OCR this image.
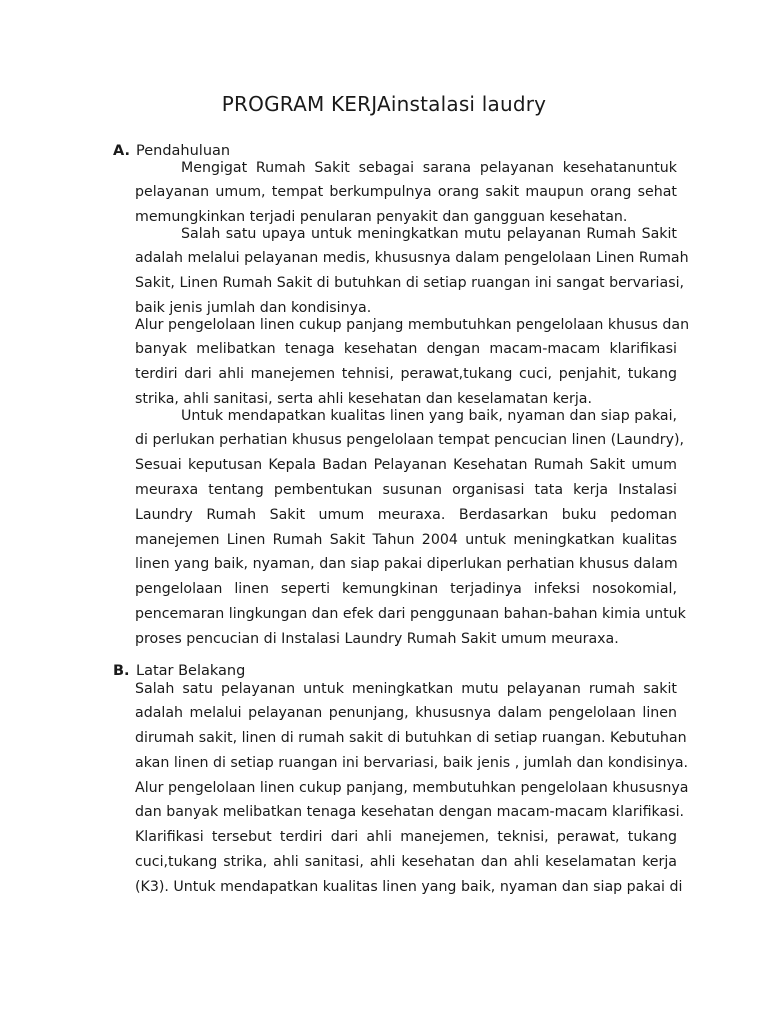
PROGRAM KERJAinstalasi laudry
A. Pendahuluan
Mengigat Rumah Sakit sebagai sarana pelayanan kesehatanuntuk
pelayanan umum, tempat berkumpulnya orang sakit maupun orang sehat
memungkinkan terjadi penularan penyakit dan gangguan kesehatan.
Salah satu upaya untuk meningkatkan mutu pelayanan Rumah Sakit
adalah melalui pelayanan medis, khususnya dalam pengelolaan Linen Rumah
Sakit, Linen Rumah Sakit di butuhkan di setiap ruangan ini sangat bervariasi,
baik jenis jumlah dan kondisinya.
Alur pengelolaan linen cukup panjang membutuhkan pengelolaan khusus dan
banyak melibatkan tenaga kesehatan dengan macam-macam klarifikasi
terdiri dari ahli manejemen tehnisi, perawat,tukang cuci, penjahit, tukang
strika, ahli sanitasi, serta ahli kesehatan dan keselamatan kerja.
Untuk mendapatkan kualitas linen yang baik, nyaman dan siap pakai,
di perlukan perhatian khusus pengelolaan tempat pencucian linen (Laundry),
Sesuai keputusan Kepala Badan Pelayanan Kesehatan Rumah Sakit umum
meuraxa tentang pembentukan susunan organisasi tata kerja Instalasi
Laundry Rumah Sakit umum meuraxa. Berdasarkan buku pedoman
manejemen Linen Rumah Sakit Tahun 2004 untuk meningkatkan kualitas
linen yang baik, nyaman, dan siap pakai diperlukan perhatian khusus dalam
pengelolaan linen seperti kemungkinan terjadinya infeksi nosokomial,
pencemaran lingkungan dan efek dari penggunaan bahan-bahan kimia untuk
proses pencucian di Instalasi Laundry Rumah Sakit umum meuraxa.
B. Latar Belakang
Salah satu pelayanan untuk meningkatkan mutu pelayanan rumah sakit
adalah melalui pelayanan penunjang, khususnya dalam pengelolaan linen
dirumah sakit, linen di rumah sakit di butuhkan di setiap ruangan. Kebutuhan
akan linen di setiap ruangan ini bervariasi, baik jenis , jumlah dan kondisinya.
Alur pengelolaan linen cukup panjang, membutuhkan pengelolaan khususnya
dan banyak melibatkan tenaga kesehatan dengan macam-macam klarifikasi.
Klarifikasi tersebut terdiri dari ahli manejemen, teknisi, perawat, tukang
cuci,tukang strika, ahli sanitasi, ahli kesehatan dan ahli keselamatan kerja
(K3). Untuk mendapatkan kualitas linen yang baik, nyaman dan siap pakai di
